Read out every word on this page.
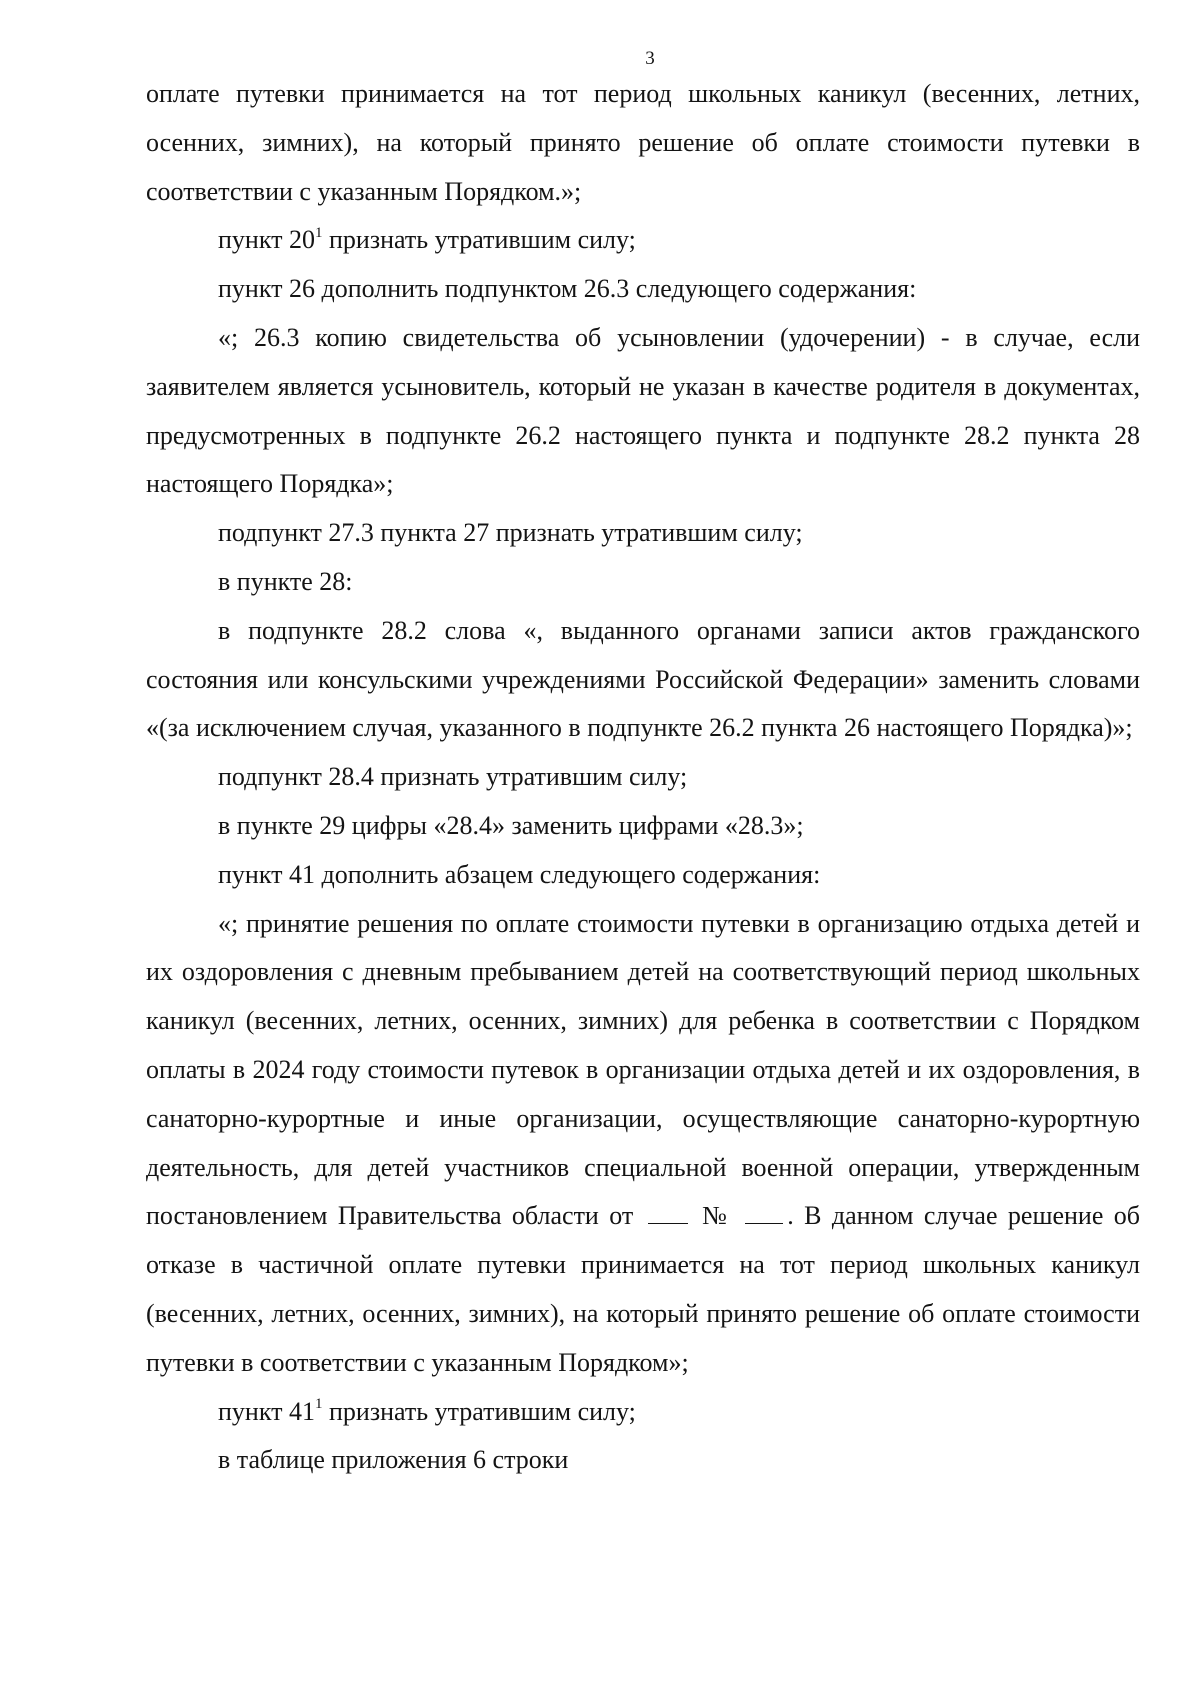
3

оплате путевки принимается на тот период школьных каникул (весенних, летних, осенних, зимних), на который принято решение об оплате стоимости путевки в соответствии с указанным Порядком.»;

пункт $20^1$ признать утратившим силу;

пункт 26 дополнить подпунктом 26.3 следующего содержания:

«; 26.3 копию свидетельства об усыновлении (удочерении) - в случае, если заявителем является усыновитель, который не указан в качестве родителя в документах, предусмотренных в подпункте 26.2 настоящего пункта и подпункте 28.2 пункта 28 настоящего Порядка»;

подпункт 27.3 пункта 27 признать утратившим силу;

в пункте 28:

в подпункте 28.2 слова «, выданного органами записи актов гражданского состояния или консульскими учреждениями Российской Федерации» заменить словами «(за исключением случая, указанного в подпункте 26.2 пункта 26 настоящего Порядка)»;

подпункт 28.4 признать утратившим силу;

в пункте 29 цифры «28.4» заменить цифрами «28.3»;

пункт 41 дополнить абзацем следующего содержания:

«; принятие решения по оплате стоимости путевки в организацию отдыха детей и их оздоровления с дневным пребыванием детей на соответствующий период школьных каникул (весенних, летних, осенних, зимних) для ребенка в соответствии с Порядком оплаты в 2024 году стоимости путевок в организации отдыха детей и их оздоровления, в санаторно-курортные и иные организации, осуществляющие санаторно-курортную деятельность, для детей участников специальной военной операции, утвержденным постановлением Правительства области от	№ . В данном случае решение об отказе в частичной оплате путевки принимается на тот период школьных каникул (весенних, летних, осенних, зимних), на который принято решение об оплате стоимости путевки в соответствии с указанным Порядком»;

пункт $41^1$ признать утратившим силу;

в таблице приложения 6 строки
